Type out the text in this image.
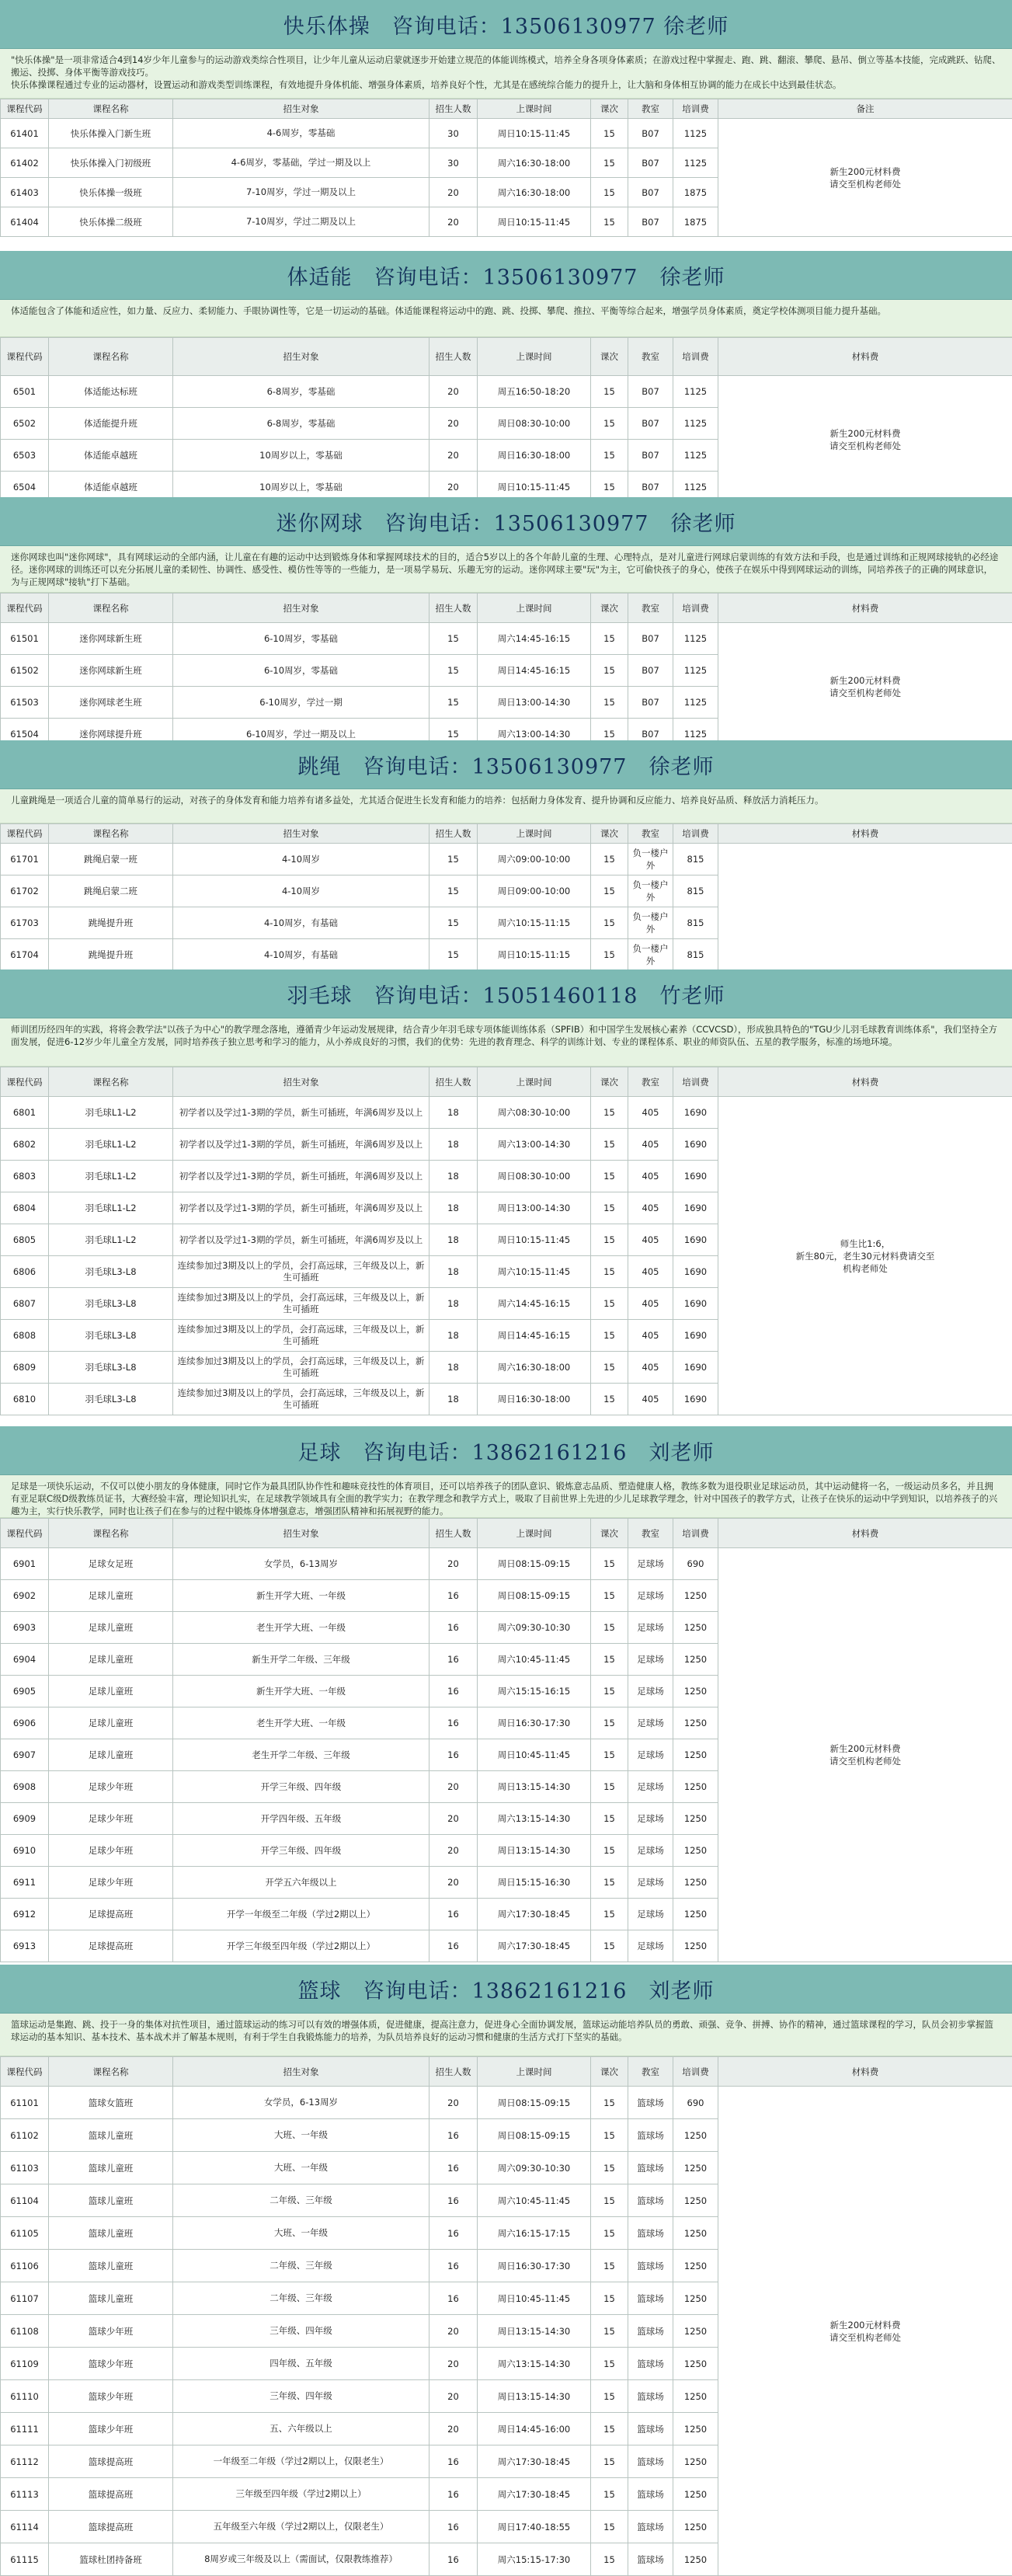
快乐体操　咨询电话：13506130977 徐老师
"快乐体操"是一项非常适合4到14岁少年儿童参与的运动游戏类综合性项目，让少年儿童从运动启蒙就逐步开始建立规范的体能训练模式，培养全身各项身体素质；在游戏过程中掌握走、跑、跳、翻滚、攀爬、悬吊、倒立等基本技能，完成跳跃、钻爬、搬运、投掷、身体平衡等游戏技巧。
快乐体操课程通过专业的运动器材，设置运动和游戏类型训练课程，有效地提升身体机能、增强身体素质，培养良好个性，尤其是在感统综合能力的提升上，让大脑和身体相互协调的能力在成长中达到最佳状态。
课程代码	课程名称	招生对象	招生人数	上课时间	课次	教室	培训费	备注
61401	快乐体操入门新生班	4-6周岁，零基础	30	周日10:15-11:45	15	B07	1125	新生200元材料费
请交至机构老师处
61402	快乐体操入门初级班	4-6周岁，零基础，学过一期及以上	30	周六16:30-18:00	15	B07	1125	
61403	快乐体操一级班	7-10周岁，学过一期及以上	20	周六16:30-18:00	15	B07	1875	
61404	快乐体操二级班	7-10周岁，学过二期及以上	20	周日10:15-11:45	15	B07	1875	
体适能　咨询电话：13506130977　徐老师
体适能包含了体能和适应性，如力量、反应力、柔韧能力、手眼协调性等，它是一切运动的基础。体适能课程将运动中的跑、跳、投掷、攀爬、推拉、平衡等综合起来，增强学员身体素质，奠定学校体测项目能力提升基础。
课程代码	课程名称	招生对象	招生人数	上课时间	课次	教室	培训费	材料费
6501	体适能达标班	6-8周岁，零基础	20	周五16:50-18:20	15	B07	1125	新生200元材料费
请交至机构老师处
6502	体适能提升班	6-8周岁，零基础	20	周日08:30-10:00	15	B07	1125	
6503	体适能卓越班	10周岁以上，零基础	20	周日16:30-18:00	15	B07	1125	
6504	体适能卓越班	10周岁以上，零基础	20	周日10:15-11:45	15	B07	1125	
迷你网球　咨询电话：13506130977　徐老师
迷你网球也叫"迷你网球"，具有网球运动的全部内涵，让儿童在有趣的运动中达到锻炼身体和掌握网球技术的目的，适合5岁以上的各个年龄儿童的生理、心理特点，是对儿童进行网球启蒙训练的有效方法和手段，也是通过训练和正规网球接轨的必经途径。迷你网球的训练还可以充分拓展儿童的柔韧性、协调性、感受性、模仿性等等的一些能力，是一项易学易玩、乐趣无穷的运动。迷你网球主要"玩"为主，它可偷快孩子的身心，使孩子在娱乐中得到网球运动的训练，同培养孩子的正确的网球意识，为与正规网球"接轨"打下基础。
课程代码	课程名称	招生对象	招生人数	上课时间	课次	教室	培训费	材料费
61501	迷你网球新生班	6-10周岁，零基础	15	周六14:45-16:15	15	B07	1125	新生200元材料费
请交至机构老师处
61502	迷你网球新生班	6-10周岁，零基础	15	周日14:45-16:15	15	B07	1125	
61503	迷你网球老生班	6-10周岁，学过一期	15	周日13:00-14:30	15	B07	1125	
61504	迷你网球提升班	6-10周岁，学过一期及以上	15	周六13:00-14:30	15	B07	1125	
跳绳　咨询电话：13506130977　徐老师
儿童跳绳是一项适合儿童的简单易行的运动，对孩子的身体发育和能力培养有诸多益处，尤其适合促进生长发育和能力的培养：包括耐力身体发育、提升协调和反应能力、培养良好品质、释放活力消耗压力。
课程代码	课程名称	招生对象	招生人数	上课时间	课次	教室	培训费	材料费
61701	跳绳启蒙一班	4-10周岁	15	周六09:00-10:00	15	负一楼户外	815	
61702	跳绳启蒙二班	4-10周岁	15	周日09:00-10:00	15	负一楼户外	815	
61703	跳绳提升班	4-10周岁，有基础	15	周六10:15-11:15	15	负一楼户外	815	
61704	跳绳提升班	4-10周岁，有基础	15	周日10:15-11:15	15	负一楼户外	815	
羽毛球　咨询电话：15051460118　竹老师
师训团历经四年的实践，将将会教学法"以孩子为中心"的教学理念落地，遵循青少年运动发展规律，结合青少年羽毛球专项体能训练体系（SPFIB）和中国学生发展核心素养（CCVCSD），形成独具特色的"TGU少儿羽毛球教育训练体系"，我们坚持全方面发展，促进6-12岁少年儿童全方发展，同时培养孩子独立思考和学习的能力，从小养成良好的习惯，我们的优势：先进的教育理念、科学的训练计划、专业的课程体系、职业的师资队伍、五星的教学服务，标准的场地环境。
课程代码	课程名称	招生对象	招生人数	上课时间	课次	教室	培训费	材料费
6801	羽毛球L1-L2	初学者以及学过1-3期的学员，新生可插班，年满6周岁及以上	18	周六08:30-10:00	15	405	1690	师生比1:6，
新生80元，老生30元材料费请交至
机构老师处
6802	羽毛球L1-L2	初学者以及学过1-3期的学员，新生可插班，年满6周岁及以上	18	周六13:00-14:30	15	405	1690	
6803	羽毛球L1-L2	初学者以及学过1-3期的学员，新生可插班，年满6周岁及以上	18	周日08:30-10:00	15	405	1690	
6804	羽毛球L1-L2	初学者以及学过1-3期的学员，新生可插班，年满6周岁及以上	18	周日13:00-14:30	15	405	1690	
6805	羽毛球L1-L2	初学者以及学过1-3期的学员，新生可插班，年满6周岁及以上	18	周日10:15-11:45	15	405	1690	
6806	羽毛球L3-L8	连续参加过3期及以上的学员，会打高远球，三年级及以上，新生可插班	18	周六10:15-11:45	15	405	1690	
6807	羽毛球L3-L8	连续参加过3期及以上的学员，会打高远球，三年级及以上，新生可插班	18	周六14:45-16:15	15	405	1690	
6808	羽毛球L3-L8	连续参加过3期及以上的学员，会打高远球，三年级及以上，新生可插班	18	周日14:45-16:15	15	405	1690	
6809	羽毛球L3-L8	连续参加过3期及以上的学员，会打高远球，三年级及以上，新生可插班	18	周六16:30-18:00	15	405	1690	
6810	羽毛球L3-L8	连续参加过3期及以上的学员，会打高远球，三年级及以上，新生可插班	18	周日16:30-18:00	15	405	1690	
足球　咨询电话：13862161216　刘老师
足球是一项快乐运动，不仅可以使小朋友的身体健康，同时它作为最具团队协作性和趣味竞技性的体育项目，还可以培养孩子的团队意识、锻炼意志品质、塑造健康人格，教练多数为退役职业足球运动员，其中运动健将一名，一级运动员多名，并且拥有亚足联C级D级教练员证书，大赛经验丰富，理论知识扎实，在足球教学领域具有全面的教学实力；在教学理念和教学方式上，吸取了目前世界上先进的少儿足球教学理念，针对中国孩子的教学方式，让孩子在快乐的运动中学到知识，以培养孩子的兴趣为主，实行快乐教学，同时也让孩子们在参与的过程中锻炼身体增强意志，增强团队精神和拓展视野的能力。
课程代码	课程名称	招生对象	招生人数	上课时间	课次	教室	培训费	材料费
6901	足球女足班	女学员，6-13周岁	20	周日08:15-09:15	15	足球场	690	新生200元材料费
请交至机构老师处
6902	足球儿童班	新生开学大班、一年级	16	周日08:15-09:15	15	足球场	1250	
6903	足球儿童班	老生开学大班、一年级	16	周六09:30-10:30	15	足球场	1250	
6904	足球儿童班	新生开学二年级、三年级	16	周六10:45-11:45	15	足球场	1250	
6905	足球儿童班	新生开学大班、一年级	16	周六15:15-16:15	15	足球场	1250	
6906	足球儿童班	老生开学大班、一年级	16	周日16:30-17:30	15	足球场	1250	
6907	足球儿童班	老生开学二年级、三年级	16	周日10:45-11:45	15	足球场	1250	
6908	足球少年班	开学三年级、四年级	20	周日13:15-14:30	15	足球场	1250	
6909	足球少年班	开学四年级、五年级	20	周六13:15-14:30	15	足球场	1250	
6910	足球少年班	开学三年级、四年级	20	周日13:15-14:30	15	足球场	1250	
6911	足球少年班	开学五六年级以上	20	周日15:15-16:30	15	足球场	1250	
6912	足球提高班	开学一年级至二年级（学过2期以上）	16	周六17:30-18:45	15	足球场	1250	
6913	足球提高班	开学三年级至四年级（学过2期以上）	16	周六17:30-18:45	15	足球场	1250	
篮球　咨询电话：13862161216　刘老师
篮球运动是集跑、跳、投于一身的集体对抗性项目，通过篮球运动的练习可以有效的增强体质，促进健康，提高注意力，促进身心全面协调发展，篮球运动能培养队员的勇敢、顽强、竞争、拼搏、协作的精神，通过篮球课程的学习，队员会初步掌握篮球运动的基本知识、基本技术、基本战术并了解基本规则，有利于学生自我锻炼能力的培养，为队员培养良好的运动习惯和健康的生活方式打下坚实的基础。
课程代码	课程名称	招生对象	招生人数	上课时间	课次	教室	培训费	材料费
61101	篮球女篮班	女学员，6-13周岁	20	周日08:15-09:15	15	篮球场	690	新生200元材料费
请交至机构老师处
61102	篮球儿童班	大班、一年级	16	周日08:15-09:15	15	篮球场	1250	
61103	篮球儿童班	大班、一年级	16	周六09:30-10:30	15	篮球场	1250	
61104	篮球儿童班	二年级、三年级	16	周六10:45-11:45	15	篮球场	1250	
61105	篮球儿童班	大班、一年级	16	周六16:15-17:15	15	篮球场	1250	
61106	篮球儿童班	二年级、三年级	16	周日16:30-17:30	15	篮球场	1250	
61107	篮球儿童班	二年级、三年级	16	周日10:45-11:45	15	篮球场	1250	
61108	篮球少年班	三年级、四年级	20	周日13:15-14:30	15	篮球场	1250	
61109	篮球少年班	四年级、五年级	20	周六13:15-14:30	15	篮球场	1250	
61110	篮球少年班	三年级、四年级	20	周日13:15-14:30	15	篮球场	1250	
61111	篮球少年班	五、六年级以上	20	周日14:45-16:00	15	篮球场	1250	
61112	篮球提高班	一年级至二年级（学过2期以上，仅限老生）	16	周六17:30-18:45	15	篮球场	1250	
61113	篮球提高班	三年级至四年级（学过2期以上）	16	周六17:30-18:45	15	篮球场	1250	
61114	篮球提高班	五年级至六年级（学过2期以上，仅限老生）	16	周日17:40-18:55	15	篮球场	1250	
61115	篮球杜团持备班	8周岁或三年级及以上（需面试，仅限教练推荐）	16	周六15:15-17:30	15	篮球场	1250	
